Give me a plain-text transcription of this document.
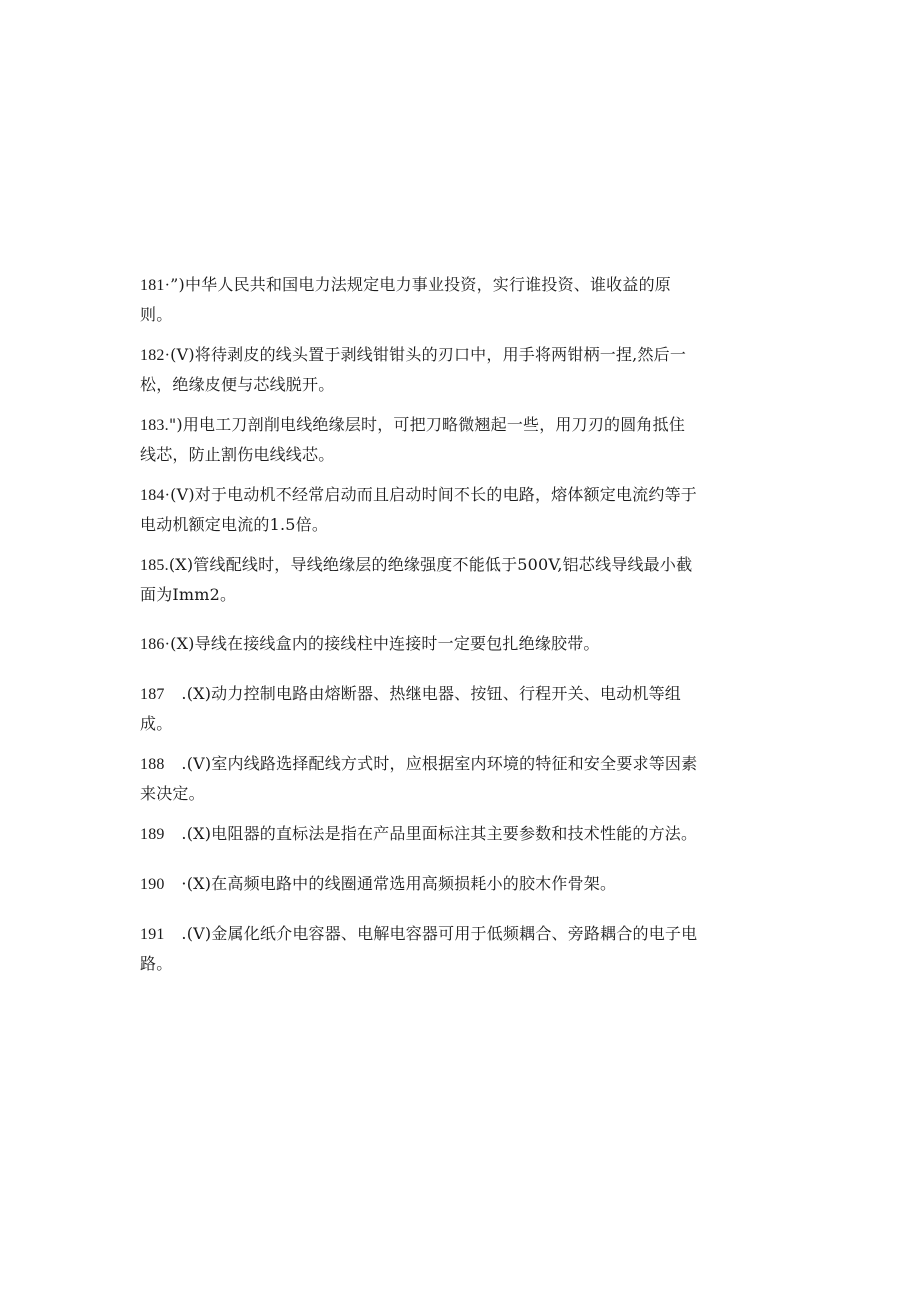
181·”)中华人民共和国电力法规定电力事业投资，实行谁投资、谁收益的原则。

182·(V)将待剥皮的线头置于剥线钳钳头的刃口中，用手将两钳柄一捏,然后一松，绝缘皮便与芯线脱开。

183.")用电工刀剖削电线绝缘层时，可把刀略微翘起一些，用刀刃的圆角抵住线芯，防止割伤电线线芯。

184·(V)对于电动机不经常启动而且启动时间不长的电路，熔体额定电流约等于电动机额定电流的1.5倍。

185.(X)管线配线时，导线绝缘层的绝缘强度不能低于500V,铝芯线导线最小截面为Imm2。

186·(X)导线在接线盒内的接线柱中连接时一定要包扎绝缘胶带。

187    .(X)动力控制电路由熔断器、热继电器、按钮、行程开关、电动机等组成。

188    .(V)室内线路选择配线方式时，应根据室内环境的特征和安全要求等因素来决定。

189    .(X)电阻器的直标法是指在产品里面标注其主要参数和技术性能的方法。

190    ·(X)在高频电路中的线圈通常选用高频损耗小的胶木作骨架。

191    .(V)金属化纸介电容器、电解电容器可用于低频耦合、旁路耦合的电子电路。
